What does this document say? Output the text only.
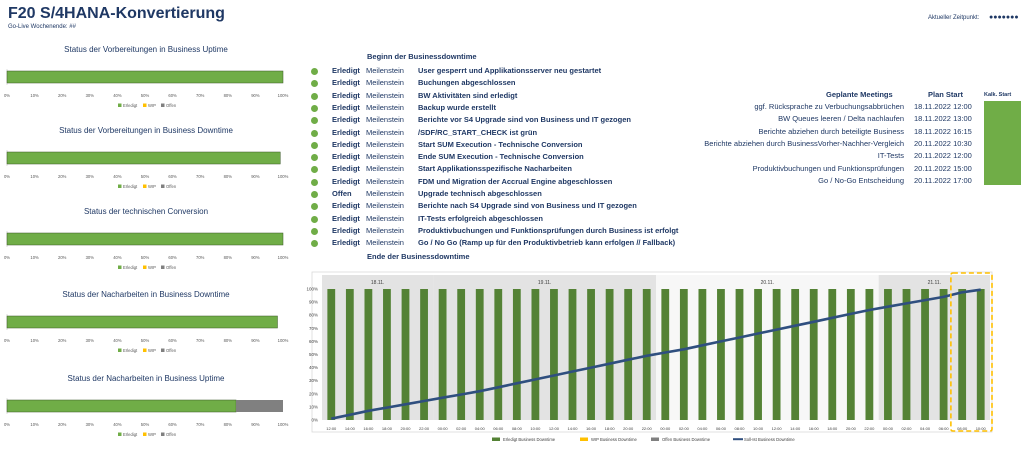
F20 S/4HANA-Konvertierung
Go-Live Wochenende: ##
Aktueller Zeitpunkt: ●●●●●●●
Status der Vorbereitungen in Business Uptime
0%	10%	20%	30%	40%	50%	60%	70%	80%	90%	100%
Erledigt	WIP Offen
Status der Vorbereitungen in Business Downtime
0%	10%	20%	30%	40%	50%	60%	70%	80%	90%	100%
Erledigt	WIP Offen
Status der technischen Conversion
0%	10%	20%	30%	40%	50%	60%	70%	80%	90%	100%
Erledigt	WIP Offen
Status der Nacharbeiten in Business Downtime
0%	10%	20%	30%	40%	50%	60%	70%	80%	90%	100%
Erledigt	WIP Offen
Status der Nacharbeiten in Business Uptime
0%	10%	20%	30%	40%	50%	60%	70%	80%	90%	100%
Erledigt	WIP Offen
Beginn der Businessdowntime
Erledigt Meilenstein User gesperrt und Applikationsserver neu gestartet
Erledigt Meilenstein Buchungen abgeschlossen
Erledigt Meilenstein BW Aktivitäten sind erledigt
Erledigt Meilenstein Backup wurde erstellt
Erledigt Meilenstein Berichte vor S4 Upgrade sind von Business und IT gezogen
Erledigt Meilenstein /SDF/RC_START_CHECK ist grün
Erledigt Meilenstein Start SUM Execution - Technische Conversion
Erledigt Meilenstein Ende SUM Execution - Technische Conversion
Erledigt Meilenstein Start Applikationsspezifische Nacharbeiten
Erledigt Meilenstein FDM und Migration der Accrual Engine abgeschlossen
Offen Meilenstein Upgrade technisch abgeschlossen
Erledigt Meilenstein Berichte nach S4 Upgrade sind von Business und IT gezogen
Erledigt Meilenstein IT-Tests erfolgreich abgeschlossen
Erledigt Meilenstein Produktivbuchungen und Funktionsprüfungen durch Business ist erfolgt
Erledigt Meilenstein Go / No Go (Ramp up für den Produktivbetrieb kann erfolgen // Fallback)
Ende der Businessdowntime
Geplante Meetings	Plan Start
ggf. Rücksprache zu Verbuchungsabbrüchen 18.11.2022 12:00
BW Queues leeren / Delta nachlaufen 18.11.2022 13:00
Berichte abziehen durch beteiligte Business 18.11.2022 16:15
Berichte abziehen durch BusinessVorher-Nachher-Vergleich 20.11.2022 10:30
IT-Tests 20.11.2022 12:00
Produktivbuchungen und Funktionsprüfungen 20.11.2022 15:00
Go / No-Go Entscheidung 20.11.2022 17:00
Kalk. Start
18.11.	19.11.	20.11.	21.11.
0%
10%
20%
30%
40%
50%
60%
70%
80%
90%
100%
12:00 14:00 16:00 18:00 20:00 22:00 00:00 02:00 04:00 06:00 08:00 10:00 12:00 14:00 16:00 18:00 20:00 22:00 00:00 02:00 04:00 06:00 08:00 10:00 12:00 14:00 16:00 18:00 20:00 22:00 00:00 02:00 04:00 06:00 08:00 10:00
Erledigt Business Downtime	WIP Business Downtime	Offen Business Downtime	Soll-Ist Business Downtime
